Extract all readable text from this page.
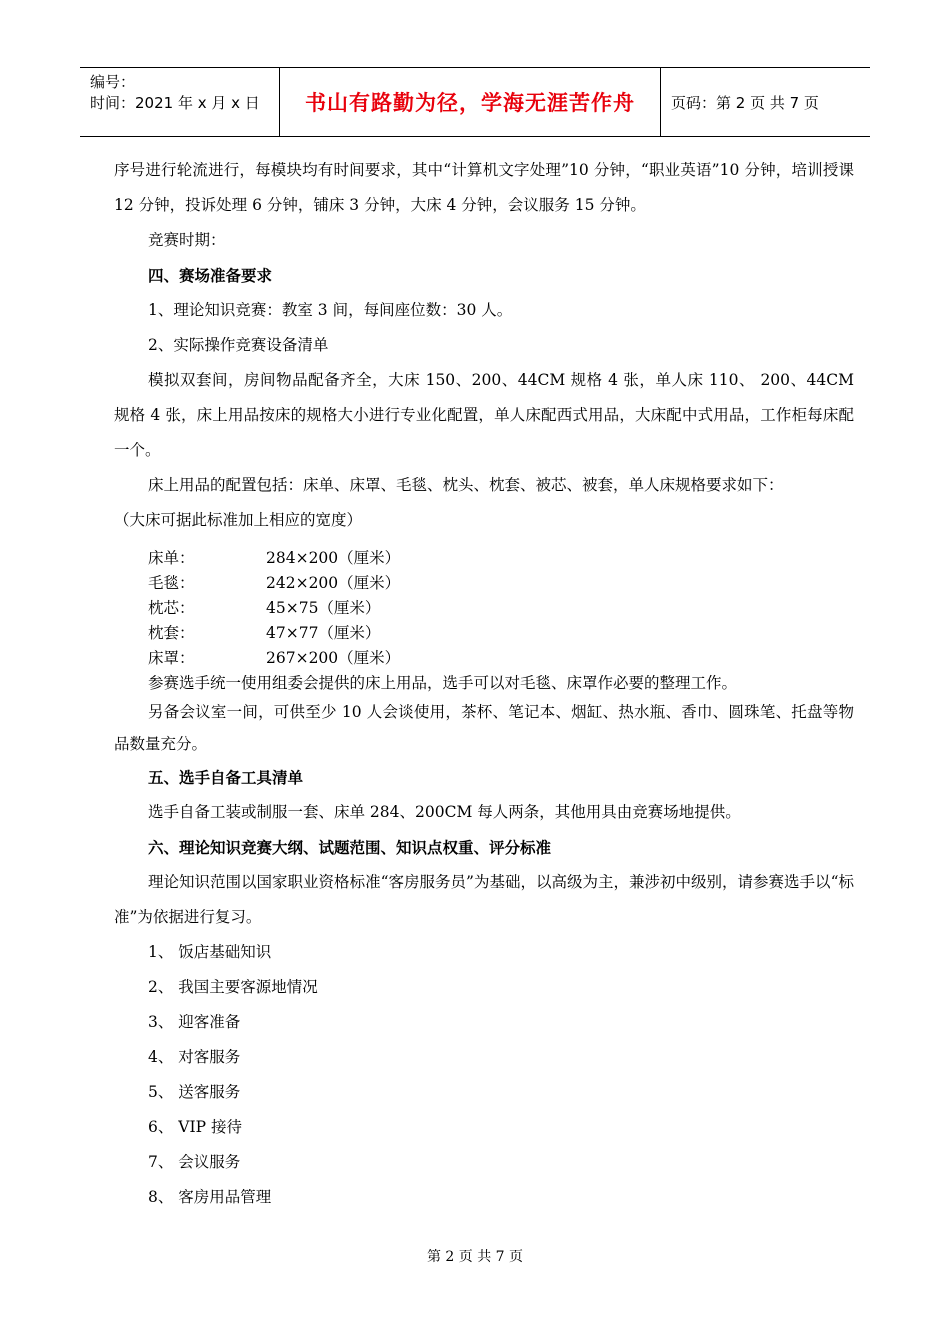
编号：
时间：2021 年 x 月 x 日	书山有路勤为径，学海无涯苦作舟	页码：第 2 页 共 7 页

序号进行轮流进行，每模块均有时间要求，其中“计算机文字处理”10 分钟，“职业英语”10 分钟，培训授课 12 分钟，投诉处理 6 分钟，铺床 3 分钟，大床 4 分钟，会议服务 15 分钟。

竞赛时期：

四、赛场准备要求

1、理论知识竞赛：教室 3 间，每间座位数：30 人。

2、实际操作竞赛设备清单

模拟双套间，房间物品配备齐全，大床 150、200、44CM 规格 4 张，单人床 110、 200、44CM 规格 4 张，床上用品按床的规格大小进行专业化配置，单人床配西式用品，大床配中式用品，工作柜每床配一个。

床上用品的配置包括：床单、床罩、毛毯、枕头、枕套、被芯、被套，单人床规格要求如下：

（大床可据此标准加上相应的宽度）

床单：	284×200（厘米）
毛毯：	242×200（厘米）
枕芯：	45×75（厘米）
枕套：	47×77（厘米）
床罩：	267×200（厘米）

参赛选手统一使用组委会提供的床上用品，选手可以对毛毯、床罩作必要的整理工作。

另备会议室一间，可供至少 10 人会谈使用，茶杯、笔记本、烟缸、热水瓶、香巾、圆珠笔、托盘等物品数量充分。

五、选手自备工具清单

选手自备工装或制服一套、床单 284、200CM 每人两条，其他用具由竞赛场地提供。

六、理论知识竞赛大纲、试题范围、知识点权重、评分标准

理论知识范围以国家职业资格标准“客房服务员”为基础，以高级为主，兼涉初中级别，请参赛选手以“标准”为依据进行复习。

1、 饭店基础知识

2、 我国主要客源地情况

3、 迎客准备

4、 对客服务

5、 送客服务

6、 VIP 接待

7、 会议服务

8、 客房用品管理

第 2 页 共 7 页
